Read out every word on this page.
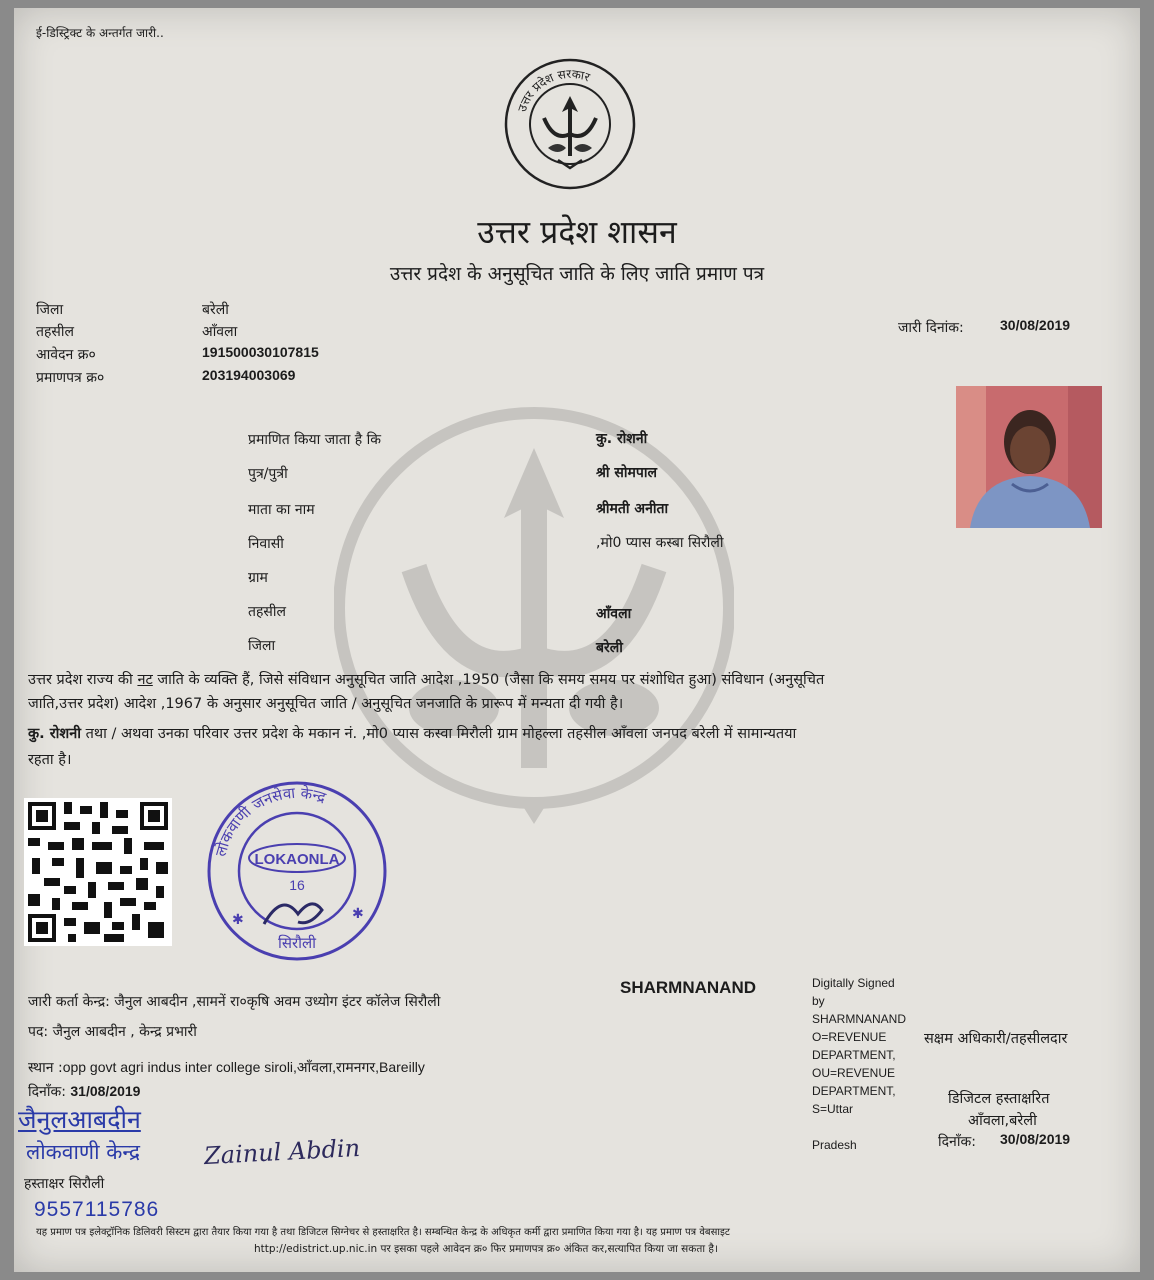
ई-डिस्ट्रिक्ट के अन्तर्गत जारी..
उत्तर प्रदेश सरकार
उत्तर प्रदेश शासन
उत्तर प्रदेश के अनुसूचित जाति के लिए जाति प्रमाण पत्र
जिला	बरेली
तहसील	आँवला
आवेदन क्र०	191500030107815
प्रमाणपत्र क्र०	203194003069
जारी दिनांक:	30/08/2019
प्रमाणित किया जाता है कि	कु. रोशनी
पुत्र/पुत्री	श्री सोमपाल
माता का नाम	श्रीमती अनीता
निवासी	,मो0 प्यास कस्बा सिरौली
ग्राम
तहसील	आँवला
जिला	बरेली
उत्तर प्रदेश राज्य की नट जाति के व्यक्ति हैं, जिसे संविधान अनुसूचित जाति आदेश ,1950 (जैसा कि समय समय पर संशोधित हुआ) संविधान (अनुसूचित
जाति,उत्तर प्रदेश) आदेश ,1967 के अनुसार अनुसूचित जाति / अनुसूचित जनजाति के प्रारूप में मन्यता दी गयी है।
कु. रोशनी तथा / अथवा उनका परिवार उत्तर प्रदेश के मकान नं. ,मो0 प्यास कस्वा मिरौली ग्राम मोहल्ला तहसील आँवला जनपद बरेली में सामान्यतया
रहता है।
लोकवाणी जनसेवा केन्द्र
LOKAONLA
16
सिरौली
✱	✱
SHARMNANAND	Digitally Signed
by
SHARMNANAND
O=REVENUE
DEPARTMENT,
OU=REVENUE
DEPARTMENT,
S=Uttar
Pradesh
सक्षम अधिकारी/तहसीलदार
डिजिटल हस्ताक्षरित
आँवला,बरेली
दिनाँक: 30/08/2019
जारी कर्ता केन्द्र: जैनुल आबदीन ,सामनें रा०कृषि अवम उध्योग इंटर कॉलेज सिरौली
पद: जैनुल आबदीन , केन्द्र प्रभारी
स्थान :opp govt agri indus inter college siroli,आँवला,रामनगर,Bareilly
दिनाँक: 31/08/2019
जैनुलआबदीन
लोकवाणी केन्द्र	Zainul Abdin
हस्ताक्षर सिरौली
9557115786
यह प्रमाण पत्र इलेक्ट्रॉनिक डिलिवरी सिस्टम द्वारा तैयार किया गया है तथा डिजिटल सिग्नेचर से हस्ताक्षरित है। सम्बन्धित केन्द्र के अधिकृत कर्मी द्वारा प्रमाणित किया गया है। यह प्रमाण पत्र वेबसाइट
http://edistrict.up.nic.in पर इसका पहले आवेदन क्र० फिर प्रमाणपत्र क्र० अंकित कर,सत्यापित किया जा सकता है।
